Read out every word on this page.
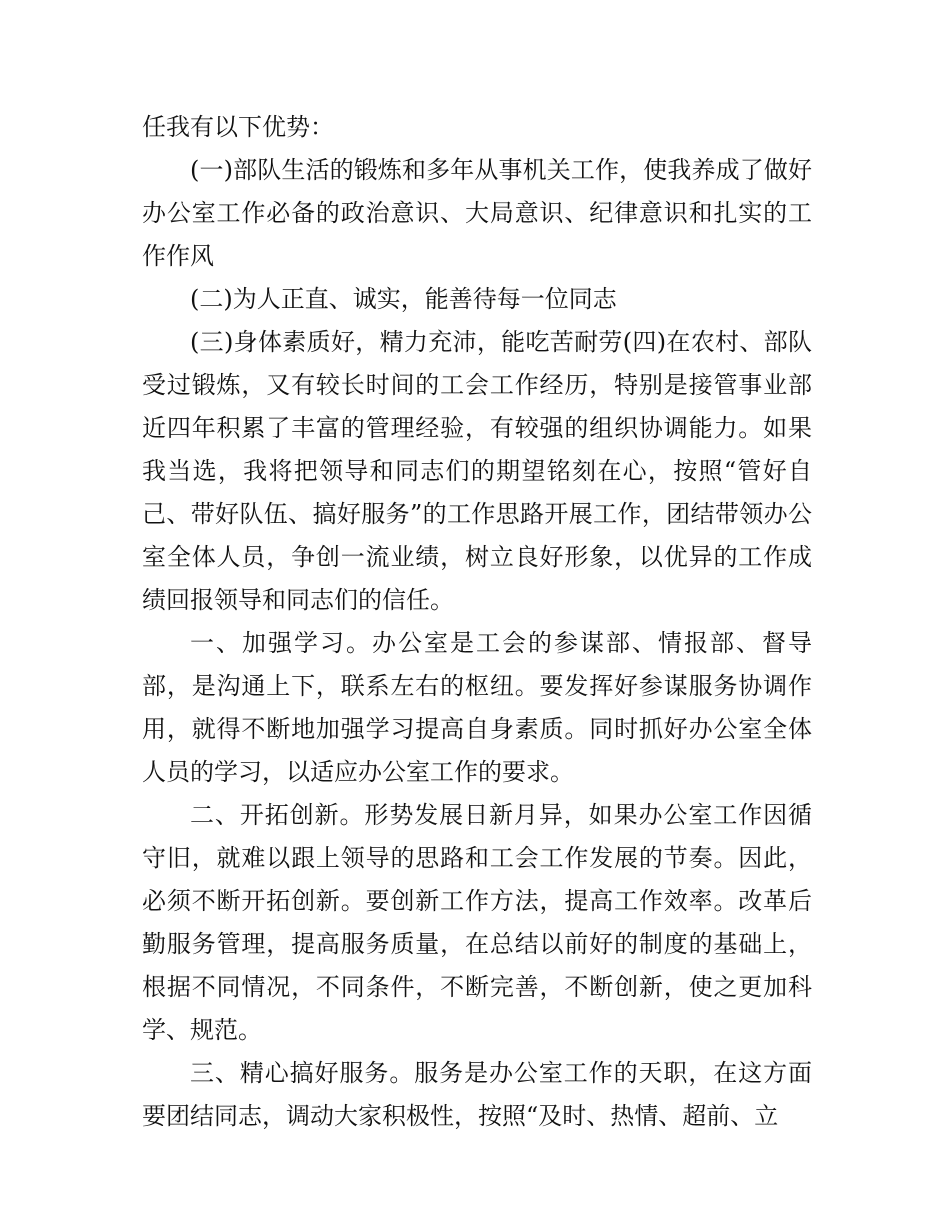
任我有以下优势：

(一)部队生活的锻炼和多年从事机关工作，使我养成了做好办公室工作必备的政治意识、大局意识、纪律意识和扎实的工作作风

(二)为人正直、诚实，能善待每一位同志

(三)身体素质好，精力充沛，能吃苦耐劳(四)在农村、部队受过锻炼，又有较长时间的工会工作经历，特别是接管事业部近四年积累了丰富的管理经验，有较强的组织协调能力。如果我当选，我将把领导和同志们的期望铭刻在心，按照“管好自己、带好队伍、搞好服务”的工作思路开展工作，团结带领办公室全体人员，争创一流业绩，树立良好形象，以优异的工作成绩回报领导和同志们的信任。

一、加强学习。办公室是工会的参谋部、情报部、督导部，是沟通上下，联系左右的枢纽。要发挥好参谋服务协调作用，就得不断地加强学习提高自身素质。同时抓好办公室全体人员的学习，以适应办公室工作的要求。

二、开拓创新。形势发展日新月异，如果办公室工作因循守旧，就难以跟上领导的思路和工会工作发展的节奏。因此，必须不断开拓创新。要创新工作方法，提高工作效率。改革后勤服务管理，提高服务质量，在总结以前好的制度的基础上，根据不同情况，不同条件，不断完善，不断创新，使之更加科学、规范。

三、精心搞好服务。服务是办公室工作的天职，在这方面要团结同志，调动大家积极性，按照“及时、热情、超前、立
